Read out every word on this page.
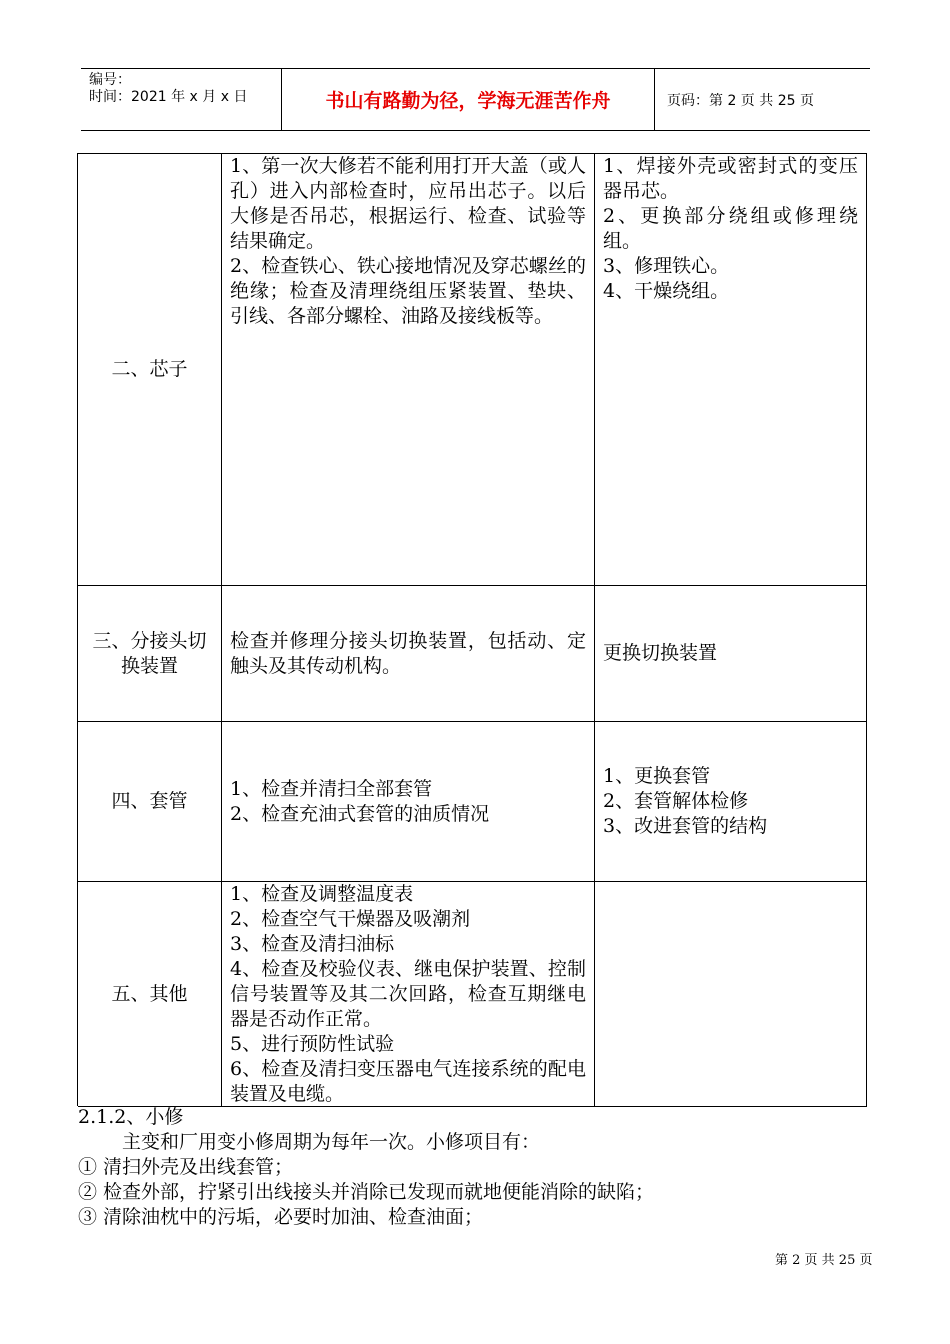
编号：
时间：2021 年 x 月 x 日	书山有路勤为径，学海无涯苦作舟	页码：第 2 页 共 25 页
二、芯子

1、第一次大修若不能利用打开大盖（或人孔）进入内部检查时，应吊出芯子。以后大修是否吊芯，根据运行、检查、试验等结果确定。

2、检查铁心、铁心接地情况及穿芯螺丝的绝缘；检查及清理绕组压紧装置、垫块、引线、各部分螺栓、油路及接线板等。

1、焊接外壳或密封式的变压器吊芯。

2、更换部分绕组或修理绕组。

3、修理铁心。

4、干燥绕组。

三、分接头切换装置

检查并修理分接头切换装置，包括动、定触头及其传动机构。

更换切换装置

四、套管

1、检查并清扫全部套管

2、检查充油式套管的油质情况

1、更换套管

2、套管解体检修

3、改进套管的结构

五、其他

1、检查及调整温度表

2、检查空气干燥器及吸潮剂

3、检查及清扫油标

4、检查及校验仪表、继电保护装置、控制信号装置等及其二次回路，检查互期继电器是否动作正常。

5、进行预防性试验

6、检查及清扫变压器电气连接系统的配电装置及电缆。

2.1.2、小修

主变和厂用变小修周期为每年一次。小修项目有：

① 清扫外壳及出线套管；

② 检查外部，拧紧引出线接头并消除已发现而就地便能消除的缺陷；

③ 清除油枕中的污垢，必要时加油、检查油面；

第 2 页 共 25 页
